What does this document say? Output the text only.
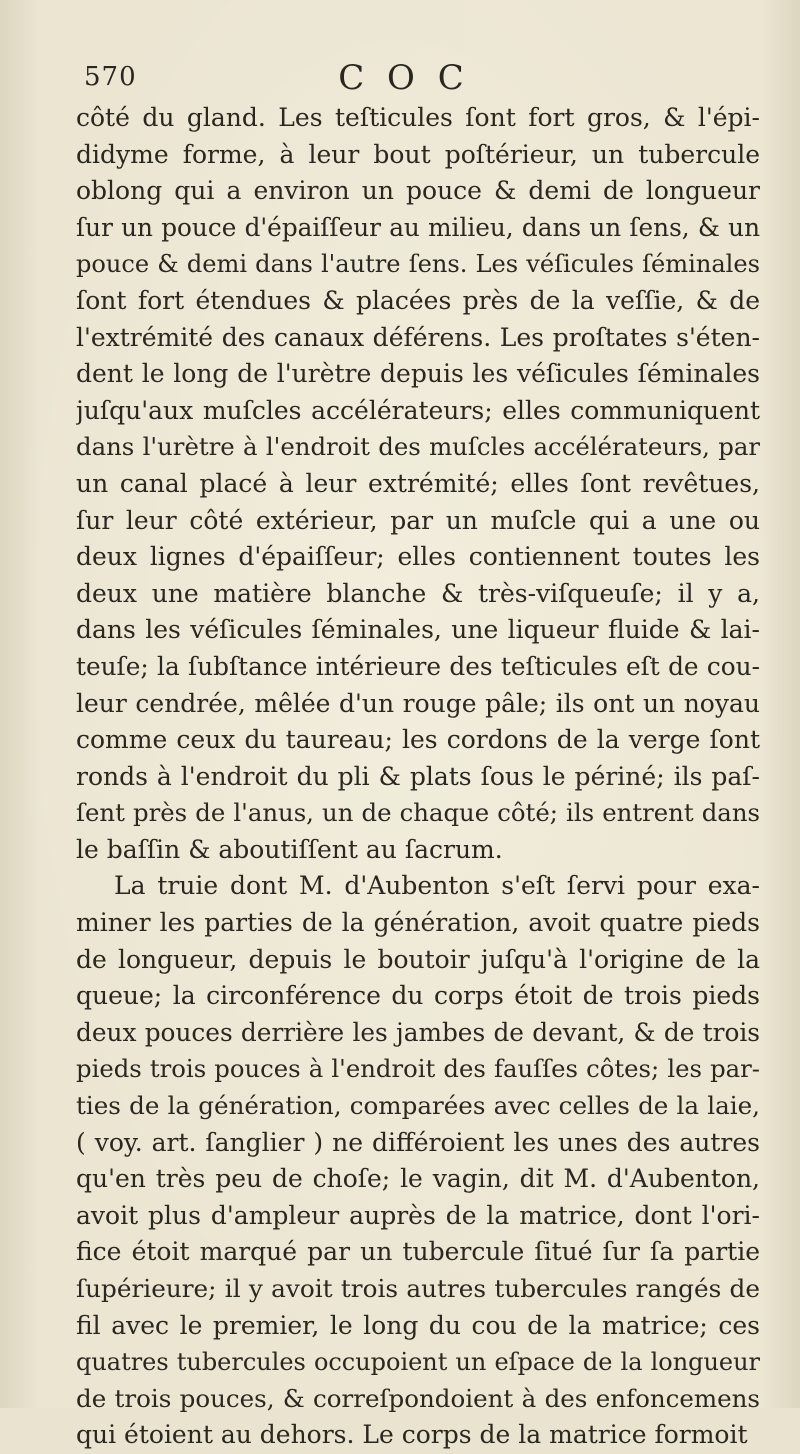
570	C O C
côté du gland. Les teſticules ſont fort gros, & l'épi-
didyme forme, à leur bout poſtérieur, un tubercule
oblong qui a environ un pouce & demi de longueur
ſur un pouce d'épaiſſeur au milieu, dans un ſens, & un
pouce & demi dans l'autre ſens. Les véſicules ſéminales
ſont fort étendues & placées près de la veſſie, & de
l'extrémité des canaux déférens. Les proſtates s'éten-
dent le long de l'urètre depuis les véſicules ſéminales
juſqu'aux muſcles accélérateurs; elles communiquent
dans l'urètre à l'endroit des muſcles accélérateurs, par
un canal placé à leur extrémité; elles ſont revêtues,
ſur leur côté extérieur, par un muſcle qui a une ou
deux lignes d'épaiſſeur; elles contiennent toutes les
deux une matière blanche & très-viſqueuſe; il y a,
dans les véſicules ſéminales, une liqueur fluide & lai-
teuſe; la ſubſtance intérieure des teſticules eſt de cou-
leur cendrée, mêlée d'un rouge pâle; ils ont un noyau
comme ceux du taureau; les cordons de la verge ſont
ronds à l'endroit du pli & plats ſous le périné; ils paſ-
ſent près de l'anus, un de chaque côté; ils entrent dans
le baſſin & aboutiſſent au ſacrum.
La truie dont M. d'Aubenton s'eſt ſervi pour exa-
miner les parties de la génération, avoit quatre pieds
de longueur, depuis le boutoir juſqu'à l'origine de la
queue; la circonférence du corps étoit de trois pieds
deux pouces derrière les jambes de devant, & de trois
pieds trois pouces à l'endroit des fauſſes côtes; les par-
ties de la génération, comparées avec celles de la laie,
( voy. art. ſanglier ) ne différoient les unes des autres
qu'en très peu de choſe; le vagin, dit M. d'Aubenton,
avoit plus d'ampleur auprès de la matrice, dont l'ori-
fice étoit marqué par un tubercule ſitué ſur ſa partie
ſupérieure; il y avoit trois autres tubercules rangés de
fil avec le premier, le long du cou de la matrice; ces
quatres tubercules occupoient un eſpace de la longueur
de trois pouces, & correſpondoient à des enfoncemens
qui étoient au dehors. Le corps de la matrice formoit
